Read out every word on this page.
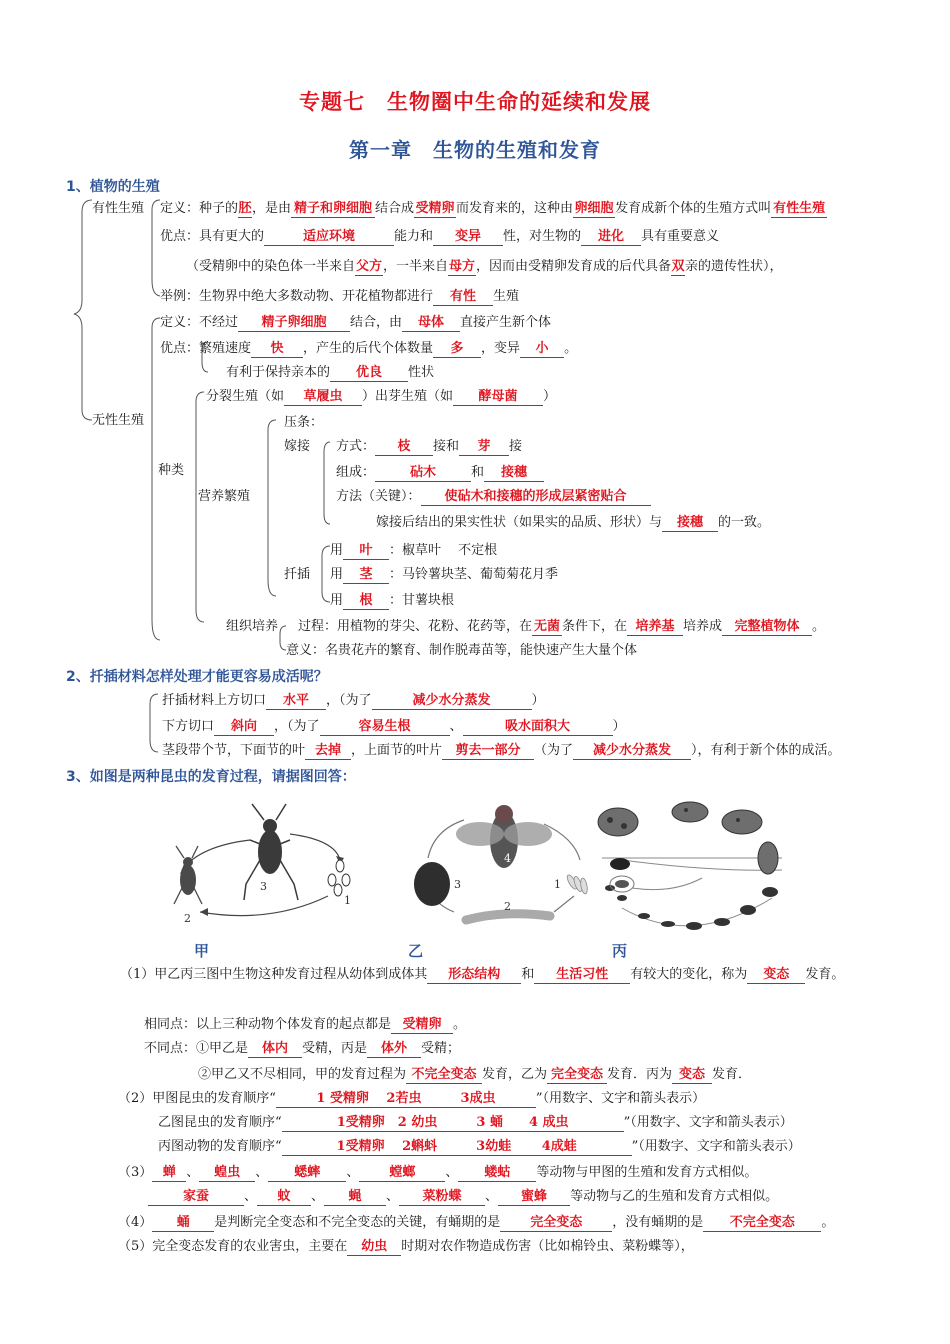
专题七　生物圈中生命的延续和发展
第一章　生物的生殖和发育
1、植物的生殖
有性生殖 定义：种子的胚，是由 精子和卵细胞 结合成受精卵 而发育来的，这种由卵细胞 发育成新个体的生殖方式叫 有性生殖
优点：具有更大的	适应环境	能力和 变异 性，对生物的 进化 具有重要意义
（受精卵中的染色体一半来自父方，一半来自母方，因而由受精卵发育成的后代具备双亲的遗传性状），
举例：生物界中绝大多数动物、开花植物都进行 有性 生殖
无性生殖
定义：不经过 精子卵细胞 结合，由 母体 直接产生新个体
优点：繁殖速度 快 ，产生的后代个体数量 多 ，变异 小 。
有利于保持亲本的 优良 性状
种类
分裂生殖（如 草履虫 ）出芽生殖（如 酵母菌 ）
营养繁殖
压条：
嫁接 方式： 枝 接和 芽 接
组成：	砧木	和 接穗
方法（关键）： 使砧木和接穗的形成层紧密贴合
嫁接后结出的果实性状（如果实的品质、形状）与 接穗 的一致。
扦插
用 叶 ：椒草叶　 不定根
用 茎 ：马铃薯块茎、葡萄菊花月季
用 根 ：甘薯块根
组织培养 过程：用植物的芽尖、花粉、花药等，在 无菌 条件下，在 培养基 培养成 完整植物体 。
意义：名贵花卉的繁育、制作脱毒苗等，能快速产生大量个体
2、扦插材料怎样处理才能更容易成活呢？
扦插材料上方切口 水平 ，（为了	减少水分蒸发	）
下方切口 斜向 ，（为了	容易生根	、	吸水面积大	）
茎段带个节，下面节的叶 去掉 ，上面节的叶片 剪去一部分 （为了 减少水分蒸发 ），有利于新个体的成活。
3、如图是两种昆虫的发育过程，请据图回答：
3
2
1
4
3
2
1
甲	乙	丙
（1）甲乙丙三图中生物这种发育过程从幼体到成体其 形态结构 和 生活习性 有较大的变化，称为 变态 发育。
相同点：以上三种动物个体发育的起点都是 受精卵 。
不同点：①甲乙是 体内 受精，丙是 体外 受精；
②甲乙又不尽相同，甲的发育过程为 不完全变态 发育，乙为 完全变态 发育．丙为 变态 发育．
（2）甲图昆虫的发育顺序“	1 受精卵　 2若虫　　　3成虫	”（用数字、文字和箭头表示）
乙图昆虫的发育顺序“	1受精卵　2 幼虫　　　3 蛹　　4 成虫	”（用数字、文字和箭头表示）
丙图动物的发育顺序“	1受精卵　 2蝌蚪　　　3幼蛙　　 4成蛙	”（用数字、文字和箭头表示）
（3） 蝉 、 蝗虫 、 蟋蟀 、 螳螂 、 蝼蛄 等动物与甲图的生殖和发育方式相似。
家蚕	、 蚊 、 蝇 、 菜粉蝶 、 蜜蜂 等动物与乙的生殖和发育方式相似。
（4） 蛹 是判断完全变态和不完全变态的关键，有蛹期的是 完全变态 ，没有蛹期的是 不完全变态 。
（5）完全变态发育的农业害虫，主要在 幼虫 时期对农作物造成伤害（比如棉铃虫、菜粉蝶等），
